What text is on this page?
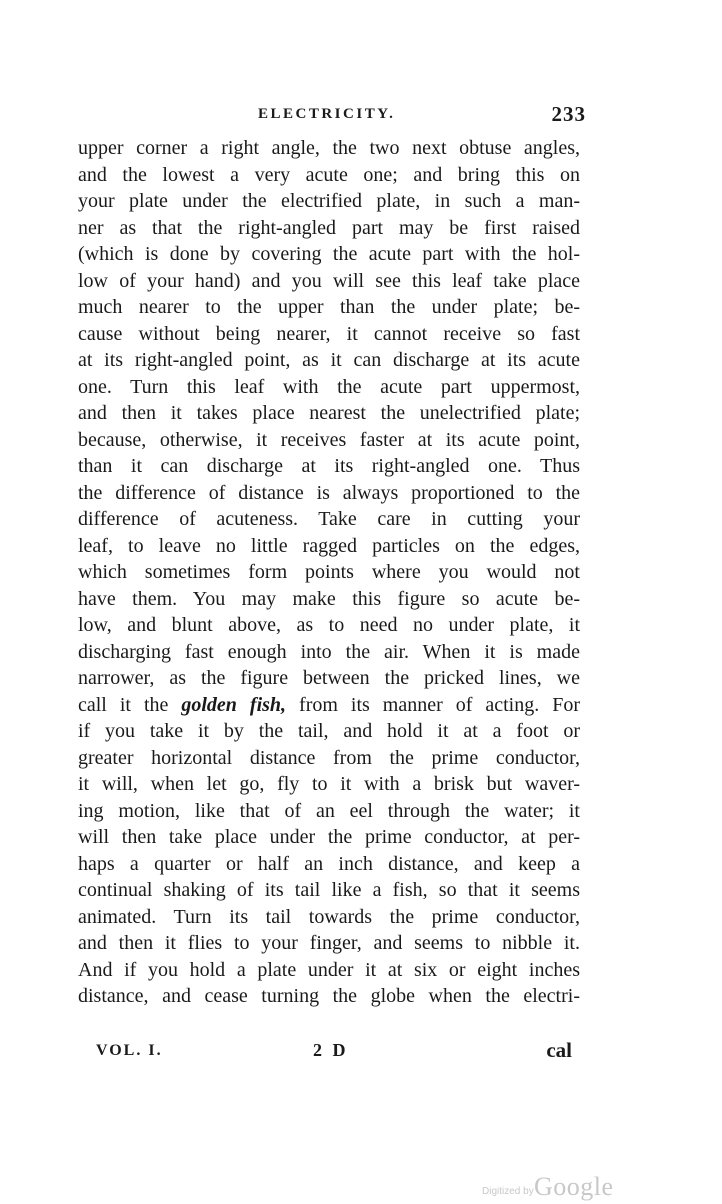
ELECTRICITY.	233
upper corner a right angle, the two next obtuse angles,
and the lowest a very acute one; and bring this on
your plate under the electrified plate, in such a man-
ner as that the right-angled part may be first raised
(which is done by covering the acute part with the hol-
low of your hand) and you will see this leaf take place
much nearer to the upper than the under plate; be-
cause without being nearer, it cannot receive so fast
at its right-angled point, as it can discharge at its acute
one. Turn this leaf with the acute part uppermost,
and then it takes place nearest the unelectrified plate;
because, otherwise, it receives faster at its acute point,
than it can discharge at its right-angled one. Thus
the difference of distance is always proportioned to the
difference of acuteness. Take care in cutting your
leaf, to leave no little ragged particles on the edges,
which sometimes form points where you would not
have them. You may make this figure so acute be-
low, and blunt above, as to need no under plate, it
discharging fast enough into the air. When it is made
narrower, as the figure between the pricked lines, we
call it the golden fish, from its manner of acting. For
if you take it by the tail, and hold it at a foot or
greater horizontal distance from the prime conductor,
it will, when let go, fly to it with a brisk but waver-
ing motion, like that of an eel through the water; it
will then take place under the prime conductor, at per-
haps a quarter or half an inch distance, and keep a
continual shaking of its tail like a fish, so that it seems
animated. Turn its tail towards the prime conductor,
and then it flies to your finger, and seems to nibble it.
And if you hold a plate under it at six or eight inches
distance, and cease turning the globe when the electri-
VOL. I.	2 D	cal
Digitized by Google
